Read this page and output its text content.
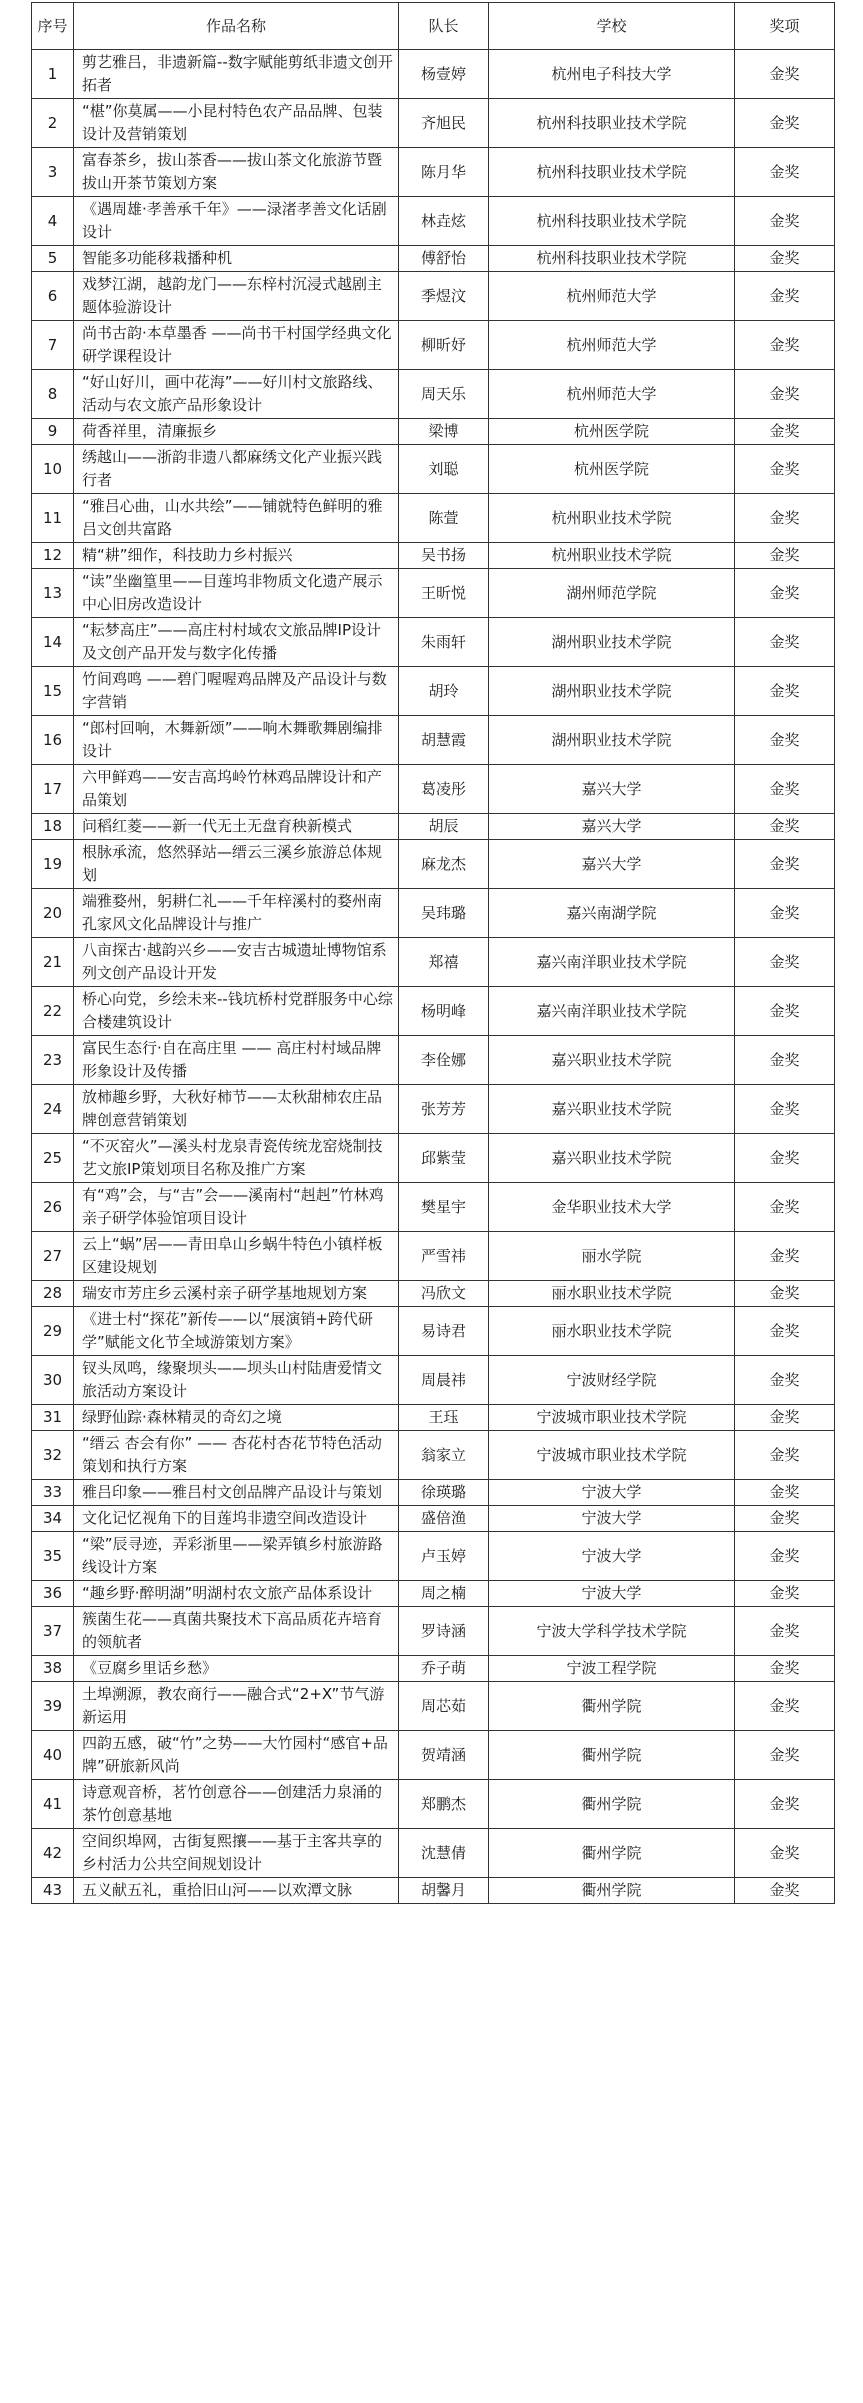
序号	作品名称	队长	学校	奖项
1	剪艺雅吕，非遗新篇--数字赋能剪纸非遗文创开拓者	杨壹婷	杭州电子科技大学	金奖
2	“椹”你莫属——小昆村特色农产品品牌、包装设计及营销策划	齐旭民	杭州科技职业技术学院	金奖
3	富春茶乡，拔山茶香——拔山茶文化旅游节暨拔山开茶节策划方案	陈月华	杭州科技职业技术学院	金奖
4	《遇周雄·孝善承千年》——渌渚孝善文化话剧设计	林垚炫	杭州科技职业技术学院	金奖
5	智能多功能移栽播种机	傅舒怡	杭州科技职业技术学院	金奖
6	戏梦江湖，越韵龙门——东梓村沉浸式越剧主题体验游设计	季煜汶	杭州师范大学	金奖
7	尚书古韵·本草墨香 ——尚书干村国学经典文化研学课程设计	柳昕妤	杭州师范大学	金奖
8	“好山好川，画中花海”——好川村文旅路线、活动与农文旅产品形象设计	周天乐	杭州师范大学	金奖
9	荷香祥里，清廉振乡	梁博	杭州医学院	金奖
10	绣越山——浙韵非遗八都麻绣文化产业振兴践行者	刘聪	杭州医学院	金奖
11	“雅吕心曲，山水共绘”——铺就特色鲜明的雅吕文创共富路	陈萱	杭州职业技术学院	金奖
12	精“耕”细作，科技助力乡村振兴	吴书扬	杭州职业技术学院	金奖
13	“读”坐幽篁里——目莲坞非物质文化遗产展示中心旧房改造设计	王昕悦	湖州师范学院	金奖
14	“耘梦高庄”——高庄村村域农文旅品牌IP设计及文创产品开发与数字化传播	朱雨轩	湖州职业技术学院	金奖
15	竹间鸡鸣 ——碧门喔喔鸡品牌及产品设计与数字营销	胡玲	湖州职业技术学院	金奖
16	“郎村回响，木舞新颂”——响木舞歌舞剧编排设计	胡慧霞	湖州职业技术学院	金奖
17	六甲鲜鸡——安吉高坞岭竹林鸡品牌设计和产品策划	葛凌彤	嘉兴大学	金奖
18	问稻红菱——新一代无土无盘育秧新模式	胡辰	嘉兴大学	金奖
19	根脉承流，悠然驿站—缙云三溪乡旅游总体规划	麻龙杰	嘉兴大学	金奖
20	端雅婺州，躬耕仁礼——千年梓溪村的婺州南孔家风文化品牌设计与推广	吴玮璐	嘉兴南湖学院	金奖
21	八亩探古·越韵兴乡——安吉古城遗址博物馆系列文创产品设计开发	郑禧	嘉兴南洋职业技术学院	金奖
22	桥心向党，乡绘未来--钱坑桥村党群服务中心综合楼建筑设计	杨明峰	嘉兴南洋职业技术学院	金奖
23	富民生态行·自在高庄里 —— 高庄村村域品牌形象设计及传播	李佺娜	嘉兴职业技术学院	金奖
24	放柿趣乡野，大秋好柿节——太秋甜柿农庄品牌创意营销策划	张芳芳	嘉兴职业技术学院	金奖
25	“不灭窑火”—溪头村龙泉青瓷传统龙窑烧制技艺文旅IP策划项目名称及推广方案	邱紫莹	嘉兴职业技术学院	金奖
26	有“鸡”会，与“吉”会——溪南村“赳赳”竹林鸡亲子研学体验馆项目设计	樊星宇	金华职业技术大学	金奖
27	云上“蜗”居——青田阜山乡蜗牛特色小镇样板区建设规划	严雪祎	丽水学院	金奖
28	瑞安市芳庄乡云溪村亲子研学基地规划方案	冯欣文	丽水职业技术学院	金奖
29	《进士村“探花”新传——以“展演销+跨代研学”赋能文化节全域游策划方案》	易诗君	丽水职业技术学院	金奖
30	钗头凤鸣，缘聚坝头——坝头山村陆唐爱情文旅活动方案设计	周晨祎	宁波财经学院	金奖
31	绿野仙踪·森林精灵的奇幻之境	王珏	宁波城市职业技术学院	金奖
32	“缙云 杏会有你” —— 杏花村杏花节特色活动策划和执行方案	翁家立	宁波城市职业技术学院	金奖
33	雅吕印象——雅吕村文创品牌产品设计与策划	徐瑛璐	宁波大学	金奖
34	文化记忆视角下的目莲坞非遗空间改造设计	盛倍渔	宁波大学	金奖
35	“梁”辰寻迹，弄彩浙里——梁弄镇乡村旅游路线设计方案	卢玉婷	宁波大学	金奖
36	“趣乡野·醉明湖”明湖村农文旅产品体系设计	周之楠	宁波大学	金奖
37	簇菌生花——真菌共聚技术下高品质花卉培育的领航者	罗诗涵	宁波大学科学技术学院	金奖
38	《豆腐乡里话乡愁》	乔子萌	宁波工程学院	金奖
39	土埠溯源，教农商行——融合式“2+X”节气游新运用	周芯茹	衢州学院	金奖
40	四韵五感，破“竹”之势——大竹园村“感官+品牌”研旅新风尚	贺靖涵	衢州学院	金奖
41	诗意观音桥，茗竹创意谷——创建活力泉涌的茶竹创意基地	郑鹏杰	衢州学院	金奖
42	空间织埠网，古街复熙攘——基于主客共享的乡村活力公共空间规划设计	沈慧倩	衢州学院	金奖
43	五义献五礼，重拾旧山河——以欢潭文脉	胡馨月	衢州学院	金奖
